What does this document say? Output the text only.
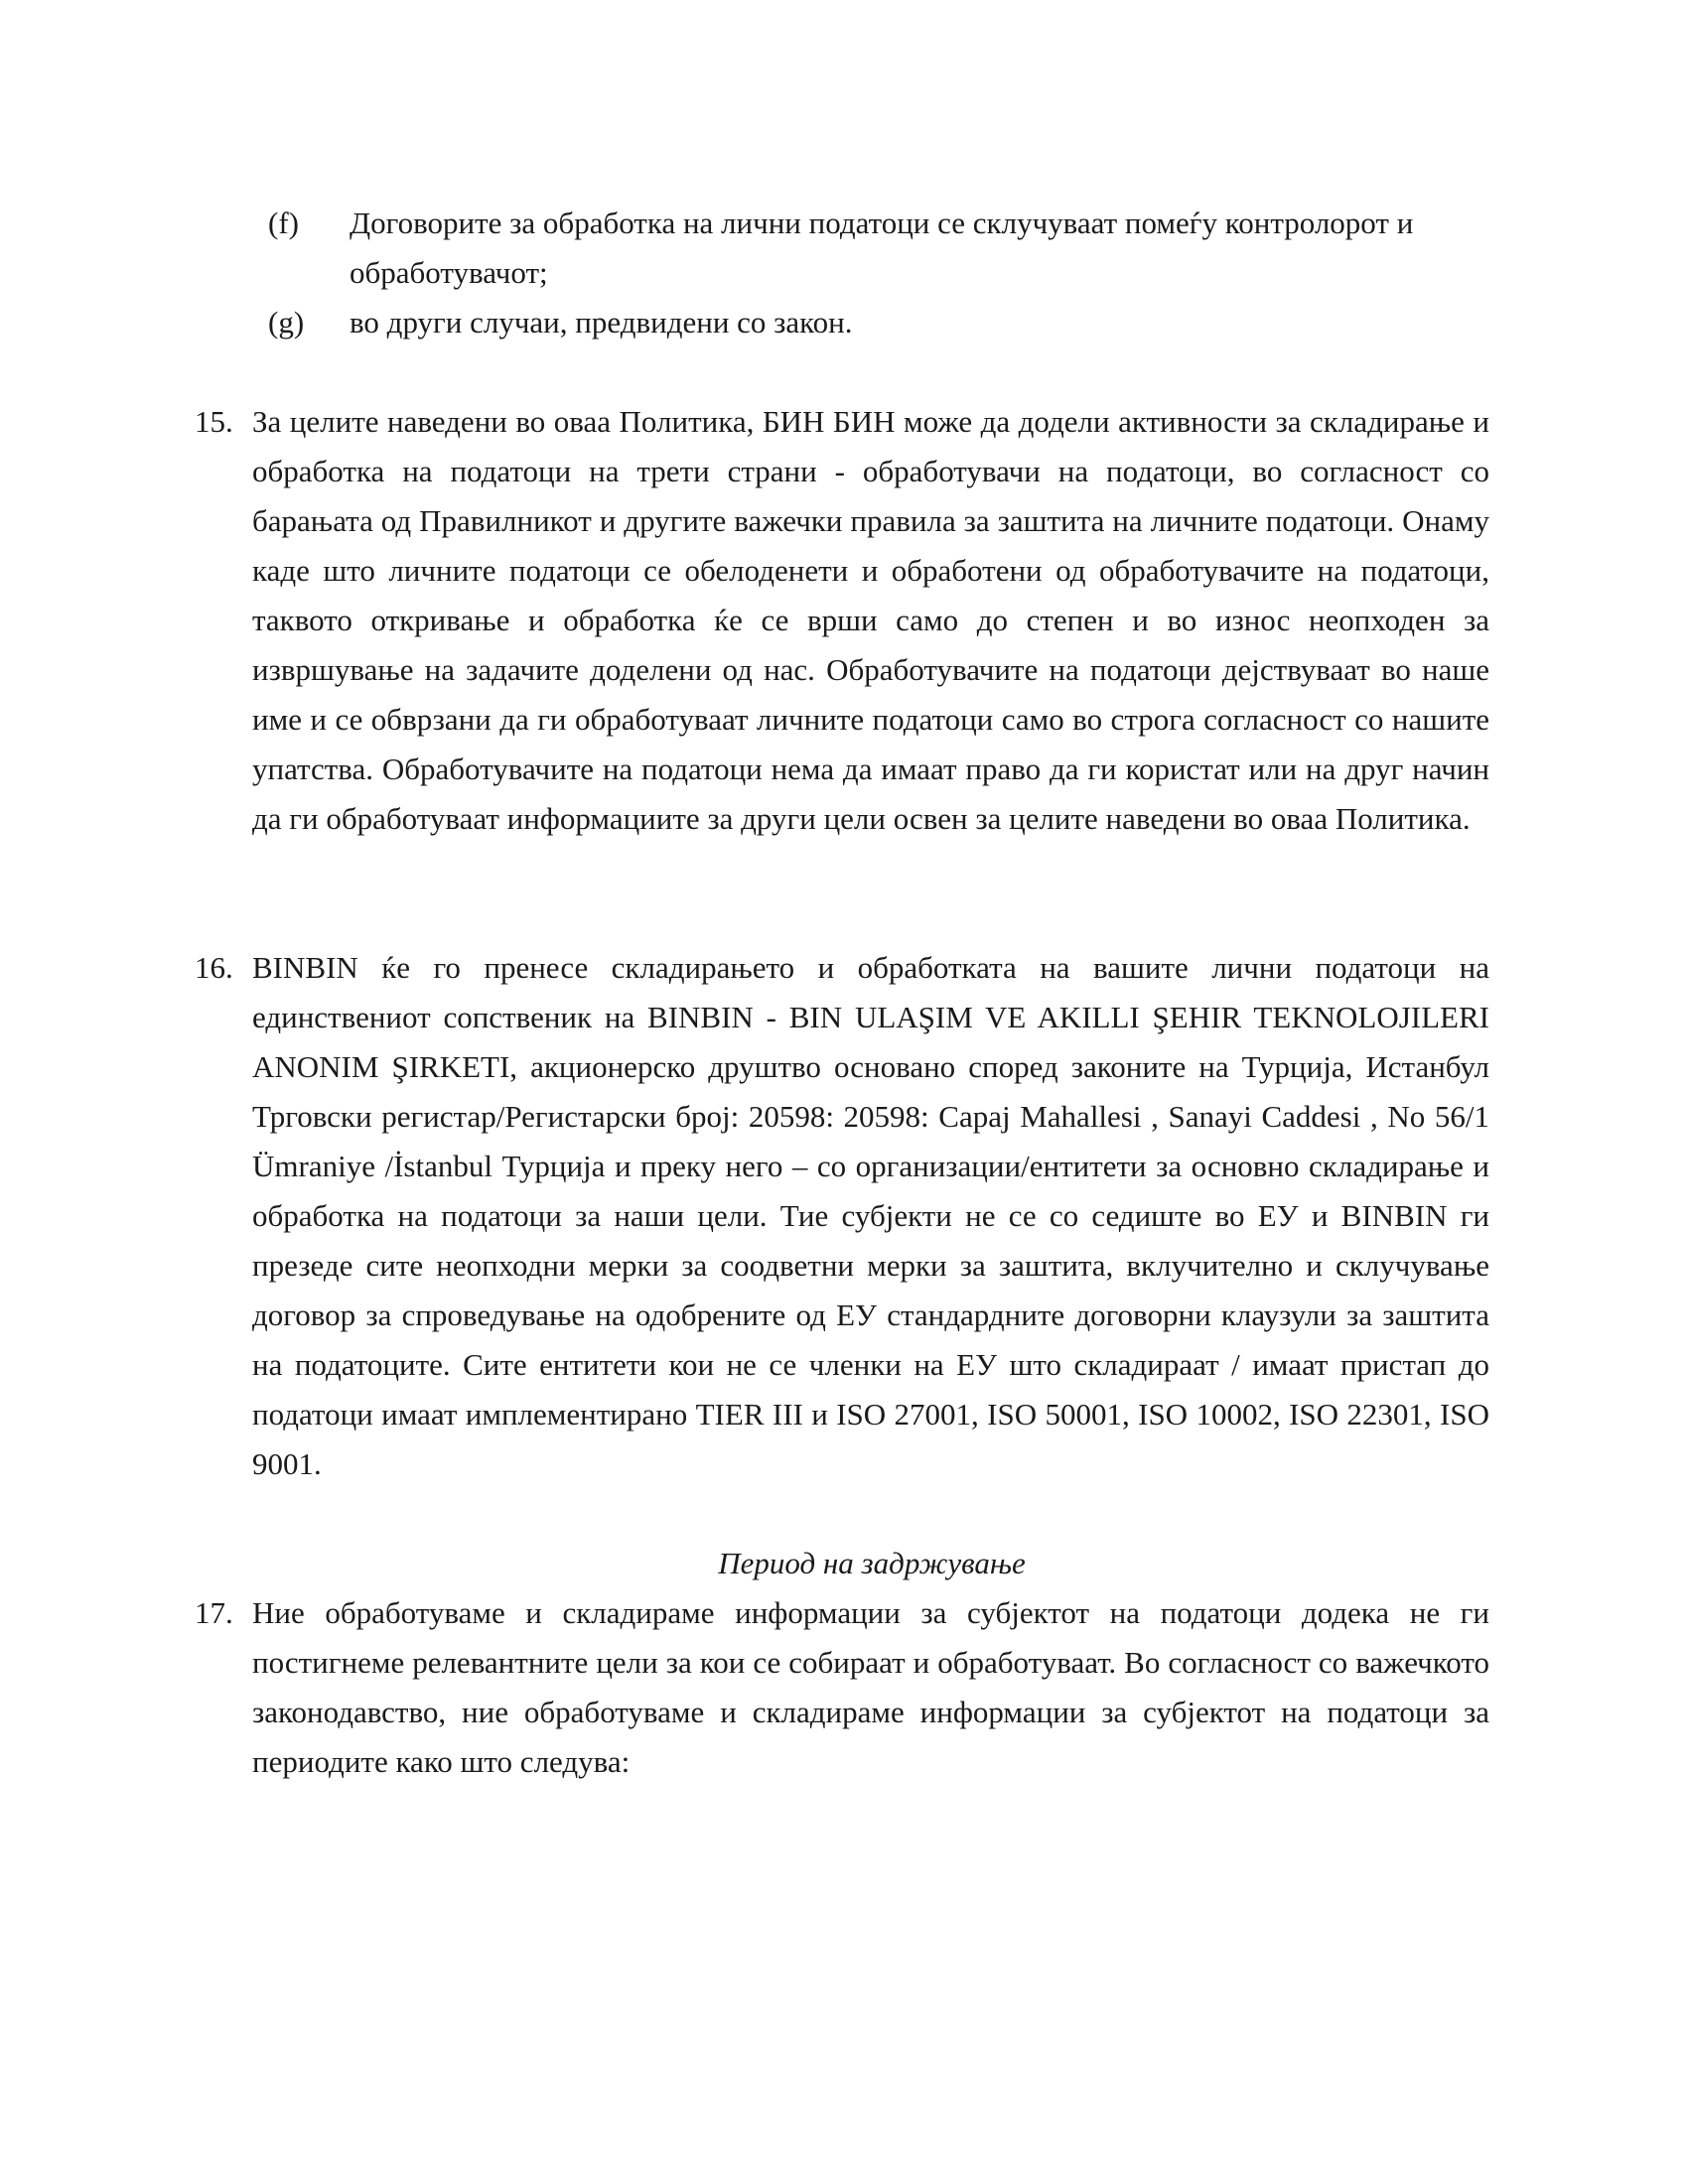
(f) Договорите за обработка на лични податоци се склучуваат помеѓу контролорот и обработувачот;
(g) во други случаи, предвидени со закон.
15. За целите наведени во оваа Политика, БИН БИН може да додели активности за складирање и обработка на податоци на трети страни - обработувачи на податоци, во согласност со барањата од Правилникот и другите важечки правила за заштита на личните податоци. Онаму каде што личните податоци се обелоденети и обработени од обработувачите на податоци, таквото откривање и обработка ќе се врши само до степен и во износ неопходен за извршување на задачите доделени од нас. Обработувачите на податоци дејствуваат во наше име и се обврзани да ги обработуваат личните податоци само во строга согласност со нашите упатства. Обработувачите на податоци нема да имаат право да ги користат или на друг начин да ги обработуваат информациите за други цели освен за целите наведени во оваа Политика.
16. BINBIN ќе го пренесе складирањето и обработката на вашите лични податоци на единствениот сопственик на BINBIN - BIN ULAŞIM VE AKILLI ŞEHIR TEKNOLOJILERI ANONIM ŞIRKETI, акционерско друштво основано според законите на Турција, Истанбул Трговски регистар/Регистарски број: 20598: 20598: Сарај Mahallesi , Sanayi Caddesi , No 56/1 Ümraniye /İstanbul Турција и преку него – со организации/ентитети за основно складирање и обработка на податоци за наши цели. Тие субјекти не се со седиште во ЕУ и BINBIN ги презеде сите неопходни мерки за соодветни мерки за заштита, вклучително и склучување договор за спроведување на одобрените од ЕУ стандардните договорни клаузули за заштита на податоците. Сите ентитети кои не се членки на ЕУ што складираат / имаат пристап до податоци имаат имплементирано TIER III и ISO 27001, ISO 50001, ISO 10002, ISO 22301, ISO 9001.
Период на задржување
17. Ние обработуваме и складираме информации за субјектот на податоци додека не ги постигнеме релевантните цели за кои се собираат и обработуваат. Во согласност со важечкото законодавство, ние обработуваме и складираме информации за субјектот на податоци за периодите како што следува:
